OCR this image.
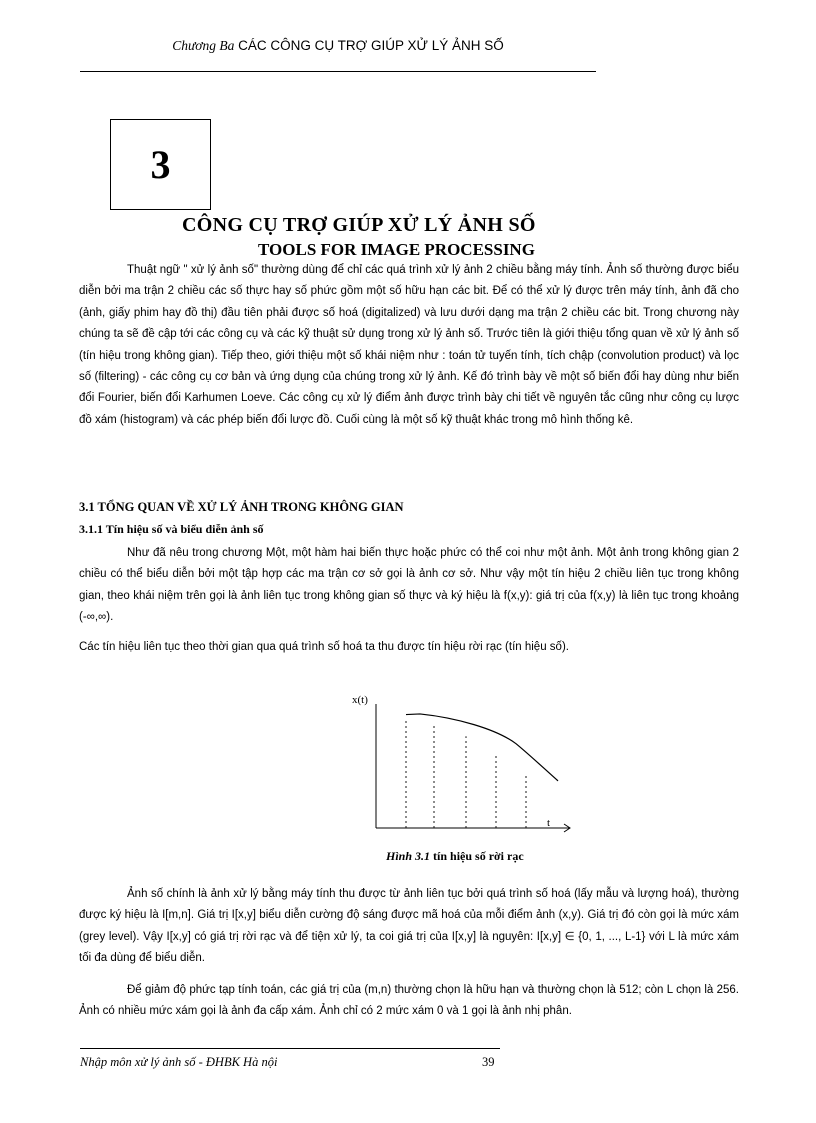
Chương Ba CÁC CÔNG CỤ TRỢ GIÚP XỬ LÝ ẢNH SỐ
3
CÔNG CỤ TRỢ GIÚP XỬ LÝ ẢNH SỐ
TOOLS FOR IMAGE PROCESSING

Thuật ngữ " xử lý ảnh số" thường dùng để chỉ các quá trình xử lý ảnh 2 chiều bằng máy tính. Ảnh số thường được biểu diễn bởi ma trận 2 chiều các số thực hay số phức gồm một số hữu hạn các bit. Để có thể xử lý được trên máy tính, ảnh đã cho (ảnh, giấy phim hay đồ thị) đầu tiên phải được số hoá (digitalized) và lưu dưới dạng ma trận 2 chiều các bit. Trong chương này chúng ta sẽ đề cập tới các công cụ và các kỹ thuật sử dụng trong xử lý ảnh số. Trước tiên là giới thiệu tổng quan về xử lý ảnh số (tín hiệu trong không gian). Tiếp theo, giới thiệu một số khái niệm như : toán tử tuyến tính, tích chập (convolution product) và lọc số (filtering) - các công cụ cơ bản và ứng dụng của chúng trong xử lý ảnh. Kế đó trình bày về một số biến đổi hay dùng như biến đổi Fourier, biến đổi Karhumen Loeve. Các công cụ xử lý điểm ảnh được trình bày chi tiết về nguyên tắc cũng như công cụ lược đồ xám (histogram) và các phép biến đổi lược đồ. Cuối cùng là một số kỹ thuật khác trong mô hình thống kê.

3.1 TỔNG QUAN VỀ XỬ LÝ ẢNH TRONG KHÔNG GIAN
3.1.1 Tín hiệu số và biểu diễn ảnh số

Như đã nêu trong chương Một, một hàm hai biến thực hoặc phức có thể coi như một ảnh. Một ảnh trong không gian 2 chiều có thể biểu diễn bởi một tập hợp các ma trận cơ sở gọi là ảnh cơ sở. Như vậy một tín hiệu 2 chiều liên tục trong không gian, theo khái niệm trên gọi là ảnh liên tục trong không gian số thực và ký hiệu là f(x,y): giá trị của f(x,y) là liên tục trong khoảng (-∞,∞).

Các tín hiệu liên tục theo thời gian qua quá trình số hoá ta thu được tín hiệu rời rạc (tín hiệu số).

x(t)
t
Hình 3.1 tín hiệu số rời rạc

Ảnh số chính là ảnh xử lý bằng máy tính thu được từ ảnh liên tục bởi quá trình số hoá (lấy mẫu và lượng hoá), thường được ký hiệu là I[m,n]. Giá trị I[x,y] biểu diễn cường độ sáng được mã hoá của mỗi điểm ảnh (x,y). Giá trị đó còn gọi là mức xám (grey level). Vậy I[x,y] có giá trị rời rạc và để tiện xử lý, ta coi giá trị của I[x,y] là nguyên: I[x,y] ∈ {0, 1, ..., L-1} với L là mức xám tối đa dùng để biểu diễn.

Để giảm độ phức tạp tính toán, các giá trị của (m,n) thường chọn là hữu hạn và thường chọn là 512; còn L chọn là 256. Ảnh có nhiều mức xám gọi là ảnh đa cấp xám. Ảnh chỉ có 2 mức xám 0 và 1 gọi là ảnh nhị phân.

Nhập môn xử lý ảnh số - ĐHBK Hà nội	39
